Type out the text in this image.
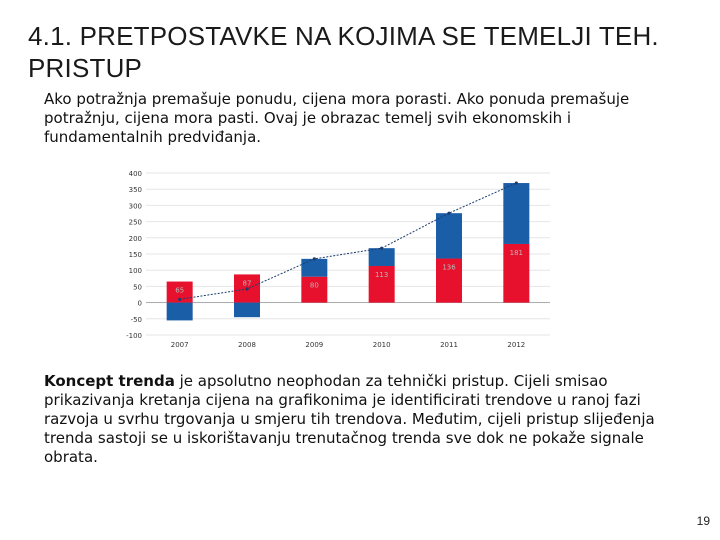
4.1. PRETPOSTAVKE NA KOJIMA SE TEMELJI TEH. PRISTUP
Ako potražnja premašuje ponudu, cijena mora porasti. Ako ponuda premašuje potražnju, cijena mora pasti. Ovaj je obrazac temelj svih ekonomskih i fundamentalnih predviđanja.
400
350
300
250
200
150
100
50
0
-50
-100
65
2007
87
2008
80
2009
113
2010
136
2011
181
2012
Koncept trenda je apsolutno neophodan za tehnički pristup. Cijeli smisao prikazivanja kretanja cijena na grafikonima je identificirati trendove u ranoj fazi razvoja u svrhu trgovanja u smjeru tih trendova. Međutim, cijeli pristup slijeđenja trenda sastoji se u iskorištavanju trenutačnog trenda sve dok ne pokaže signale obrata.
19
